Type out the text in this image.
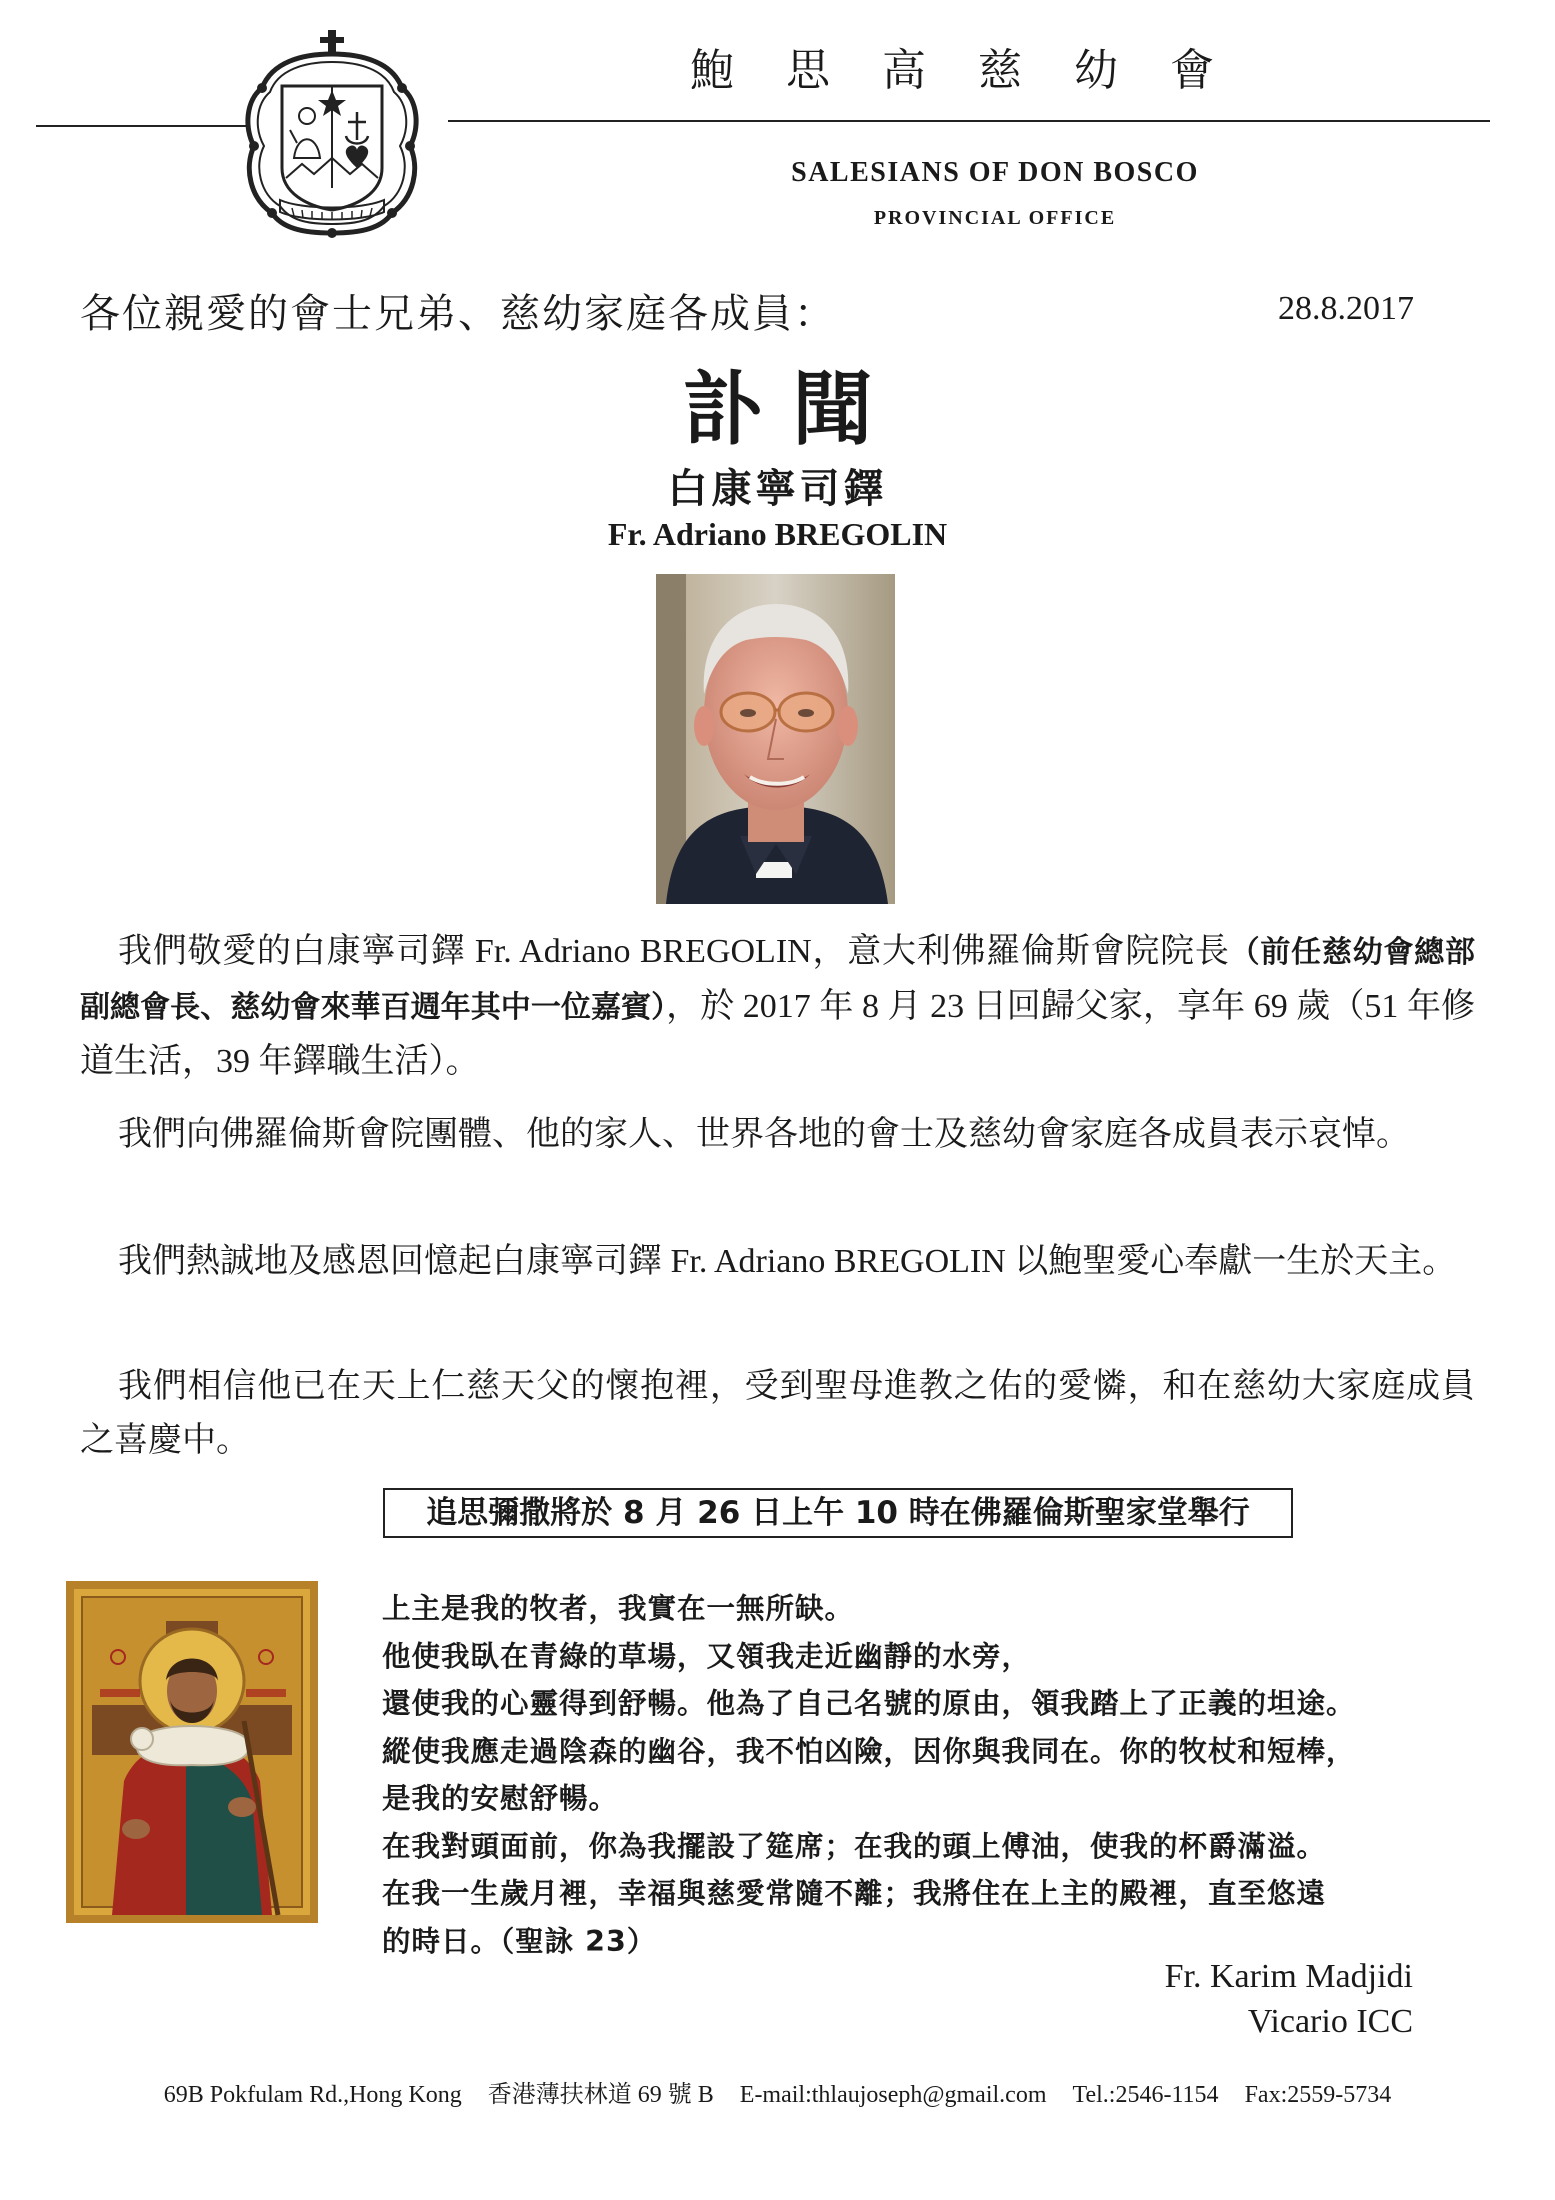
鮑思高慈幼會
SALESIANS OF DON BOSCO
PROVINCIAL OFFICE
各位親愛的會士兄弟、慈幼家庭各成員：	28.8.2017
訃聞
白康寧司鐸
Fr. Adriano BREGOLIN
我們敬愛的白康寧司鐸 Fr. Adriano BREGOLIN，意大利佛羅倫斯會院院長（前任慈幼會總部副總會長、慈幼會來華百週年其中一位嘉賓），於 2017 年 8 月 23 日回歸父家，享年 69 歲（51 年修道生活，39 年鐸職生活）。
我們向佛羅倫斯會院團體、他的家人、世界各地的會士及慈幼會家庭各成員表示哀悼。
我們熱誠地及感恩回憶起白康寧司鐸 Fr. Adriano BREGOLIN 以鮑聖愛心奉獻一生於天主。
我們相信他已在天上仁慈天父的懷抱裡，受到聖母進教之佑的愛憐，和在慈幼大家庭成員之喜慶中。
追思彌撒將於 8 月 26 日上午 10 時在佛羅倫斯聖家堂舉行
上主是我的牧者，我實在一無所缺。
他使我臥在青綠的草場，又領我走近幽靜的水旁，
還使我的心靈得到舒暢。他為了自己名號的原由，領我踏上了正義的坦途。
縱使我應走過陰森的幽谷，我不怕凶險，因你與我同在。你的牧杖和短棒，
是我的安慰舒暢。
在我對頭面前，你為我擺設了筵席；在我的頭上傅油，使我的杯爵滿溢。
在我一生歲月裡，幸福與慈愛常隨不離；我將住在上主的殿裡，直至悠遠
的時日。（聖詠 23）
Fr. Karim Madjidi
Vicario ICC
69B Pokfulam Rd.,Hong Kong 香港薄扶林道 69 號 B E-mail:thlaujoseph@gmail.com Tel.:2546-1154 Fax:2559-5734
